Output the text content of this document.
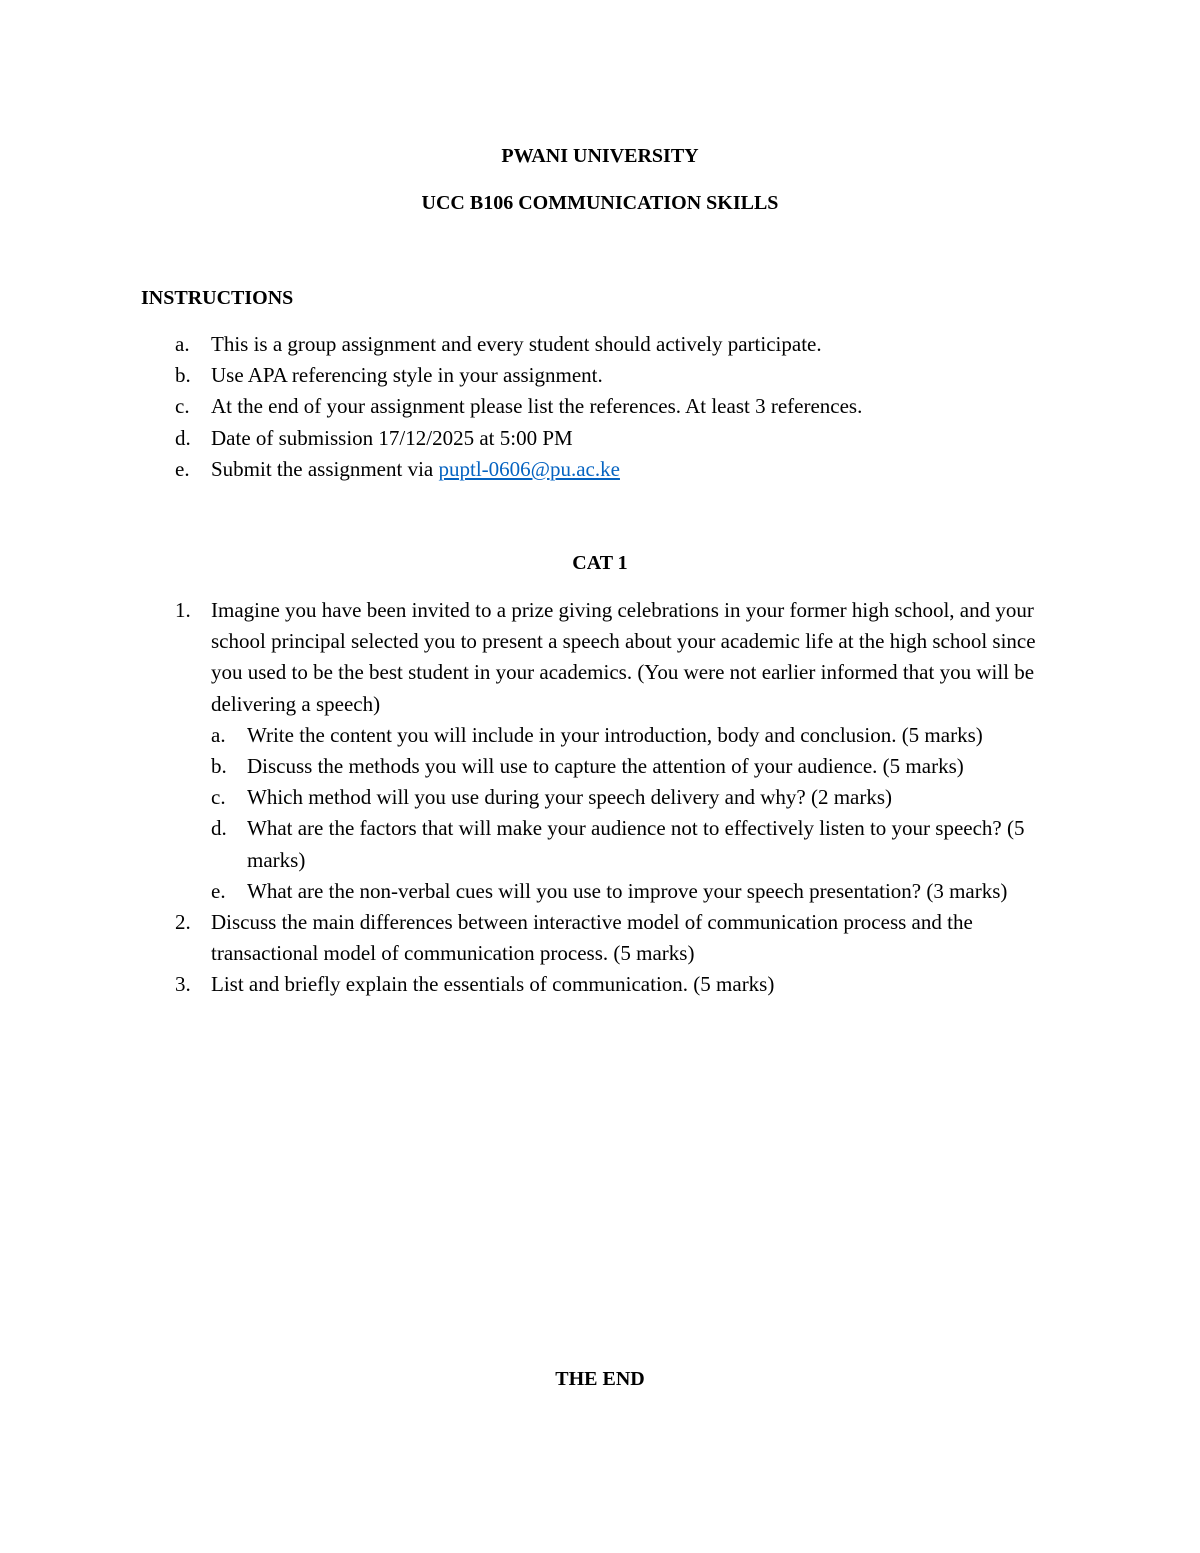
PWANI UNIVERSITY
UCC B106 COMMUNICATION SKILLS
INSTRUCTIONS
a. This is a group assignment and every student should actively participate.
b. Use APA referencing style in your assignment.
c. At the end of your assignment please list the references. At least 3 references.
d. Date of submission 17/12/2025 at 5:00 PM
e. Submit the assignment via puptl-0606@pu.ac.ke
CAT 1
1. Imagine you have been invited to a prize giving celebrations in your former high school, and your school principal selected you to present a speech about your academic life at the high school since you used to be the best student in your academics. (You were not earlier informed that you will be delivering a speech)
a. Write the content you will include in your introduction, body and conclusion. (5 marks)
b. Discuss the methods you will use to capture the attention of your audience. (5 marks)
c. Which method will you use during your speech delivery and why? (2 marks)
d. What are the factors that will make your audience not to effectively listen to your speech? (5 marks)
e. What are the non-verbal cues will you use to improve your speech presentation? (3 marks)
2. Discuss the main differences between interactive model of communication process and the transactional model of communication process. (5 marks)
3. List and briefly explain the essentials of communication. (5 marks)
THE END
